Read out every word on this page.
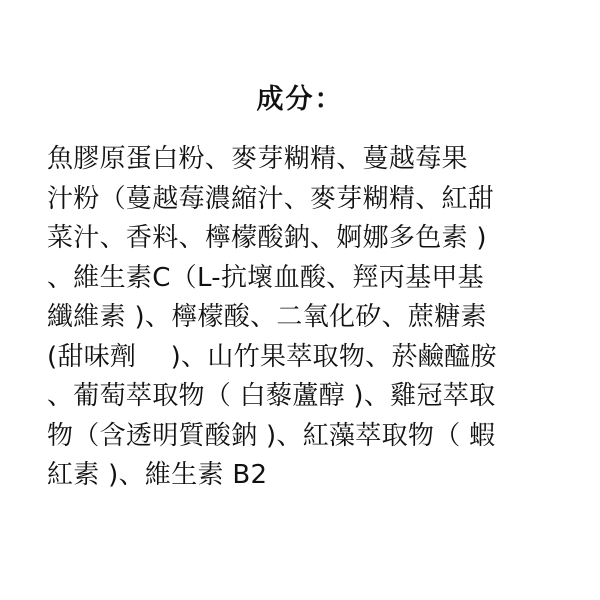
成分：
魚膠原蛋白粉、麥芽糊精、蔓越莓果
汁粉（蔓越莓濃縮汁、麥芽糊精、紅甜
菜汁、香料、檸檬酸鈉、婀娜多色素 )
、維生素C（L-抗壞血酸、羥丙基甲基
纖維素 )、檸檬酸、二氧化矽、蔗糖素
(甜味劑    )、山竹果萃取物、菸鹼醯胺
、葡萄萃取物（ 白藜蘆醇 )、雞冠萃取
物（含透明質酸鈉 )、紅藻萃取物（ 蝦
紅素 )、維生素 B2
